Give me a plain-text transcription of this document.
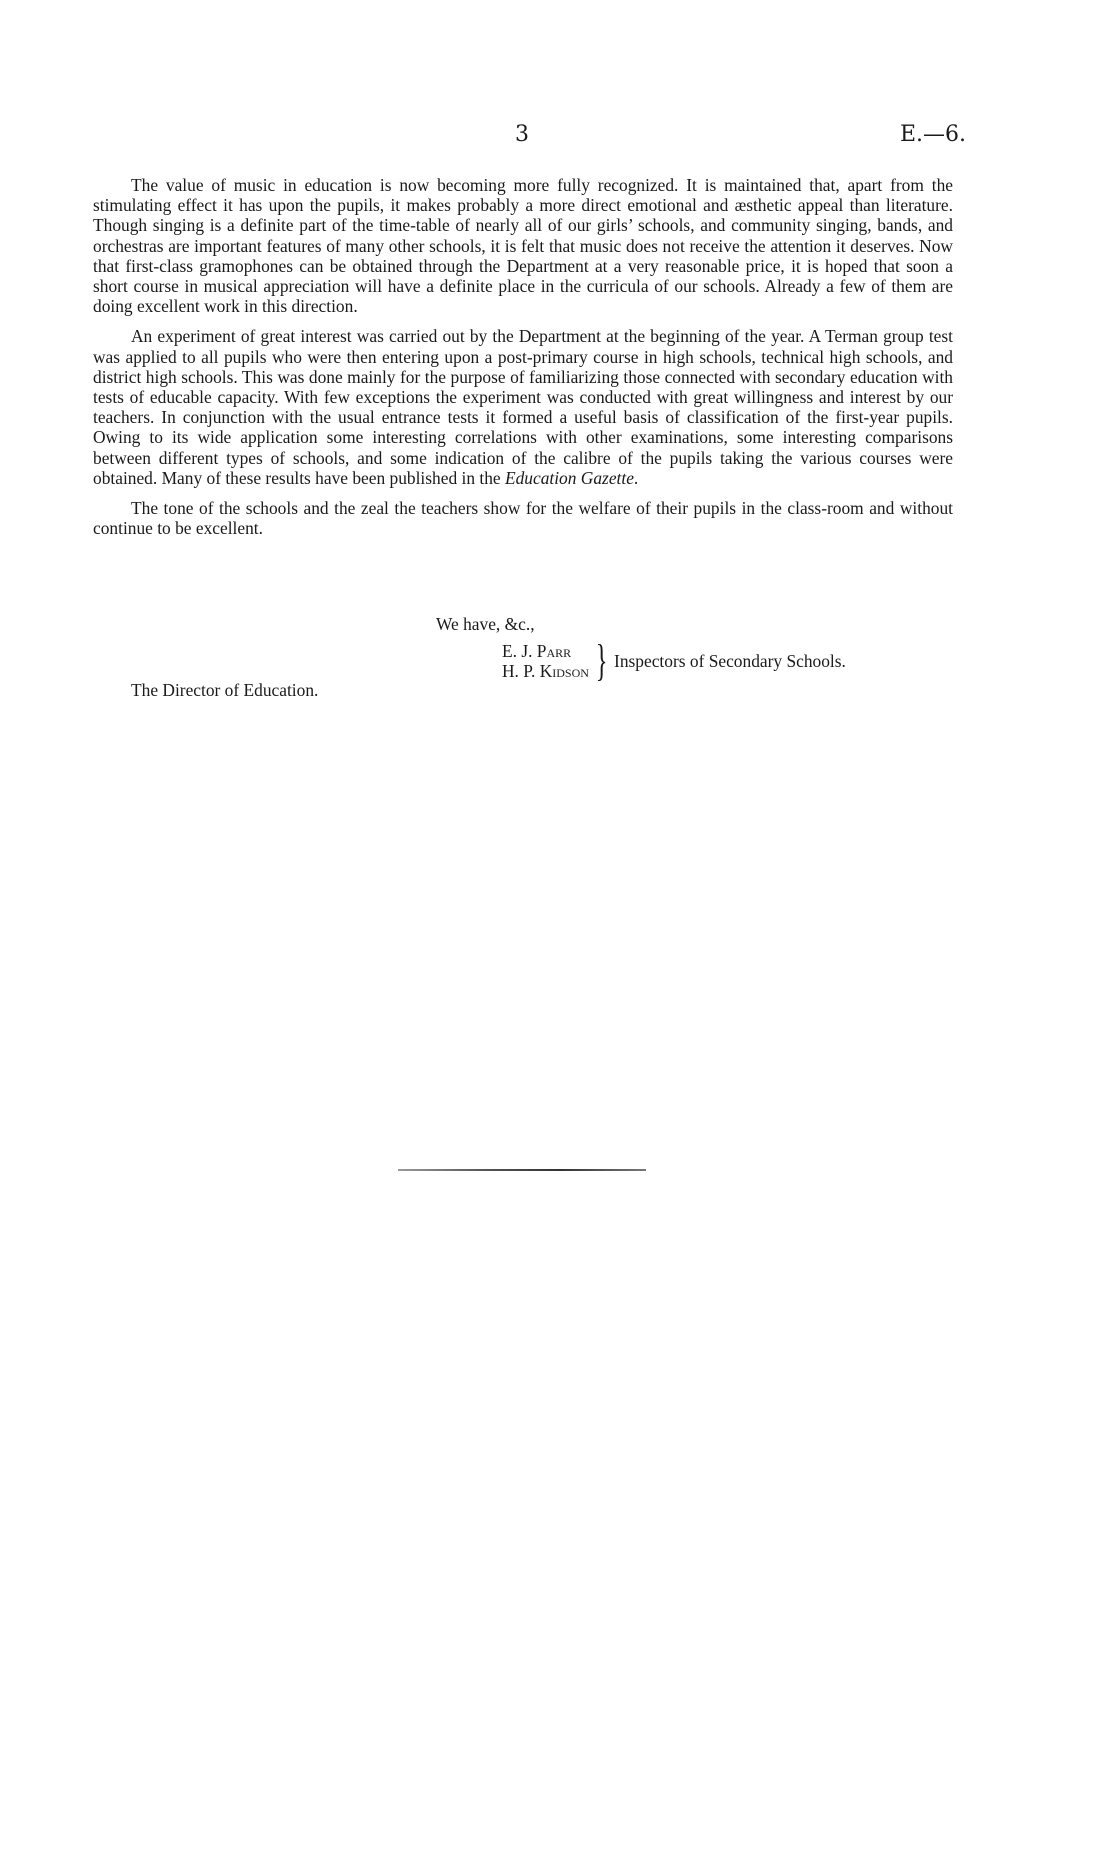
3	E.—6.

The value of music in education is now becoming more fully recognized. It is maintained that, apart from the stimulating effect it has upon the pupils, it makes probably a more direct emotional and æsthetic appeal than literature. Though singing is a definite part of the time-table of nearly all of our girls’ schools, and community singing, bands, and orchestras are important features of many other schools, it is felt that music does not receive the attention it deserves. Now that first-class gramophones can be obtained through the Department at a very reasonable price, it is hoped that soon a short course in musical appreciation will have a definite place in the curricula of our schools. Already a few of them are doing excellent work in this direction.

An experiment of great interest was carried out by the Department at the beginning of the year. A Terman group test was applied to all pupils who were then entering upon a post-primary course in high schools, technical high schools, and district high schools. This was done mainly for the purpose of familiarizing those connected with secondary education with tests of educable capacity. With few exceptions the experiment was conducted with great willingness and interest by our teachers. In conjunction with the usual entrance tests it formed a useful basis of classification of the first-year pupils. Owing to its wide application some interesting correlations with other examinations, some interesting comparisons between different types of schools, and some indication of the calibre of the pupils taking the various courses were obtained. Many of these results have been published in the Education Gazette.

The tone of the schools and the zeal the teachers show for the welfare of their pupils in the class-room and without continue to be excellent.

We have, &c.,
E. J. Parr
H. P. Kidson } Inspectors of Secondary Schools.
The Director of Education.
